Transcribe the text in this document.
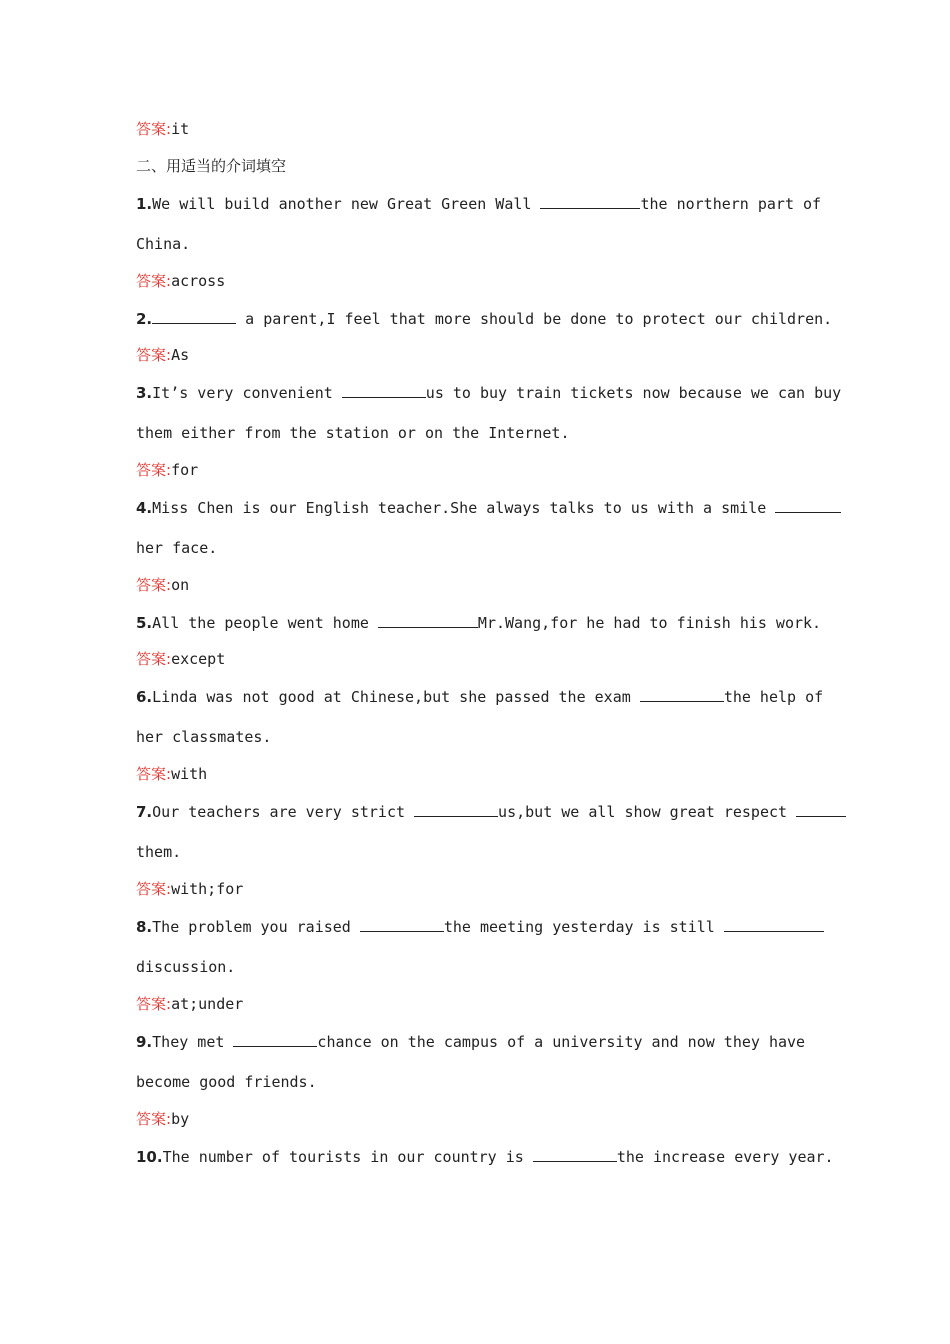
答案:it
二、用适当的介词填空
1.We will build another new Great Green Wall	the northern part of
China.
答案:across
2.	a parent,I feel that more should be done to protect our children.
答案:As
3.It’s very convenient	us to buy train tickets now because we can buy
them either from the station or on the Internet.
答案:for
4.Miss Chen is our English teacher.She always talks to us with a smile
her face.
答案:on
5.All the people went home	Mr.Wang,for he had to finish his work.
答案:except
6.Linda was not good at Chinese,but she passed the exam	the help of
her classmates.
答案:with
7.Our teachers are very strict	us,but we all show great respect
them.
答案:with;for
8.The problem you raised	the meeting yesterday is still
discussion.
答案:at;under
9.They met	chance on the campus of a university and now they have
become good friends.
答案:by
10.The number of tourists in our country is	the increase every year.
